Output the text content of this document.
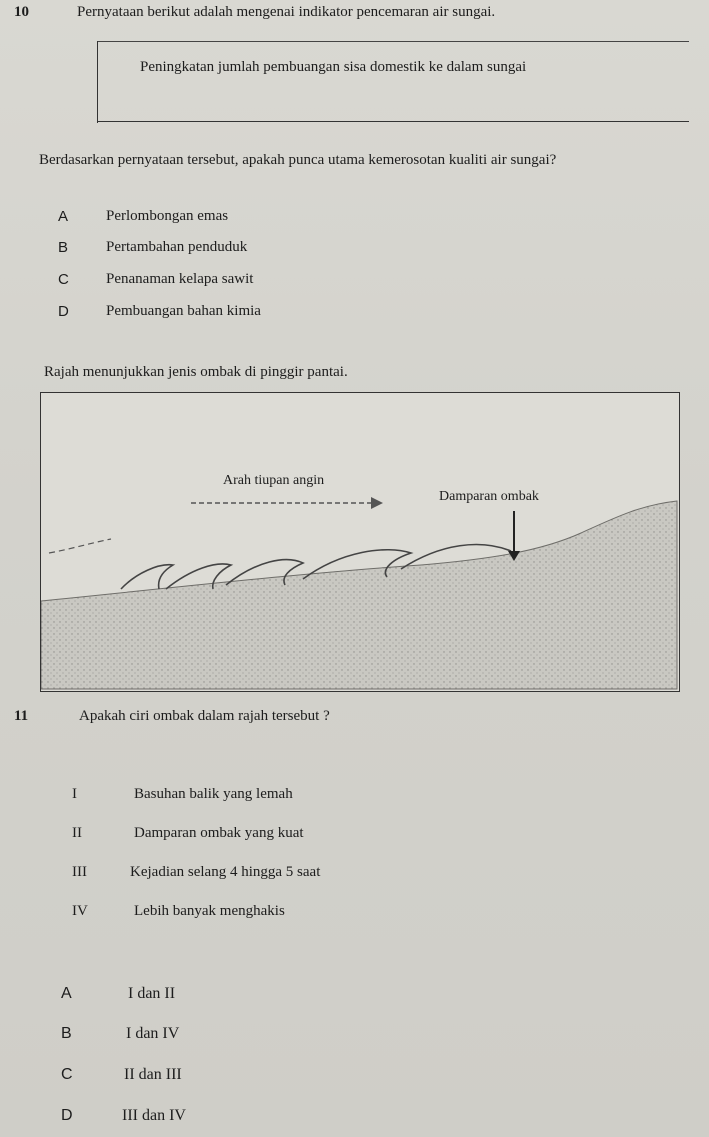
10	Pernyataan berikut adalah mengenai indikator pencemaran air sungai.
Peningkatan jumlah pembuangan sisa domestik ke dalam sungai
Berdasarkan pernyataan tersebut, apakah punca utama kemerosotan kualiti air sungai?
A	Perlombongan emas
B	Pertambahan penduduk
C Penanaman kelapa sawit
D Pembuangan bahan kimia
Rajah menunjukkan jenis ombak di pinggir pantai.
Arah tiupan angin
Damparan ombak
11	Apakah ciri ombak dalam rajah tersebut ?
I	Basuhan balik yang lemah
II	Damparan ombak yang kuat
III	Kejadian selang 4 hingga 5 saat
IV	Lebih banyak menghakis
A	I dan II
B	I dan IV
C	II dan III
D	III dan IV
